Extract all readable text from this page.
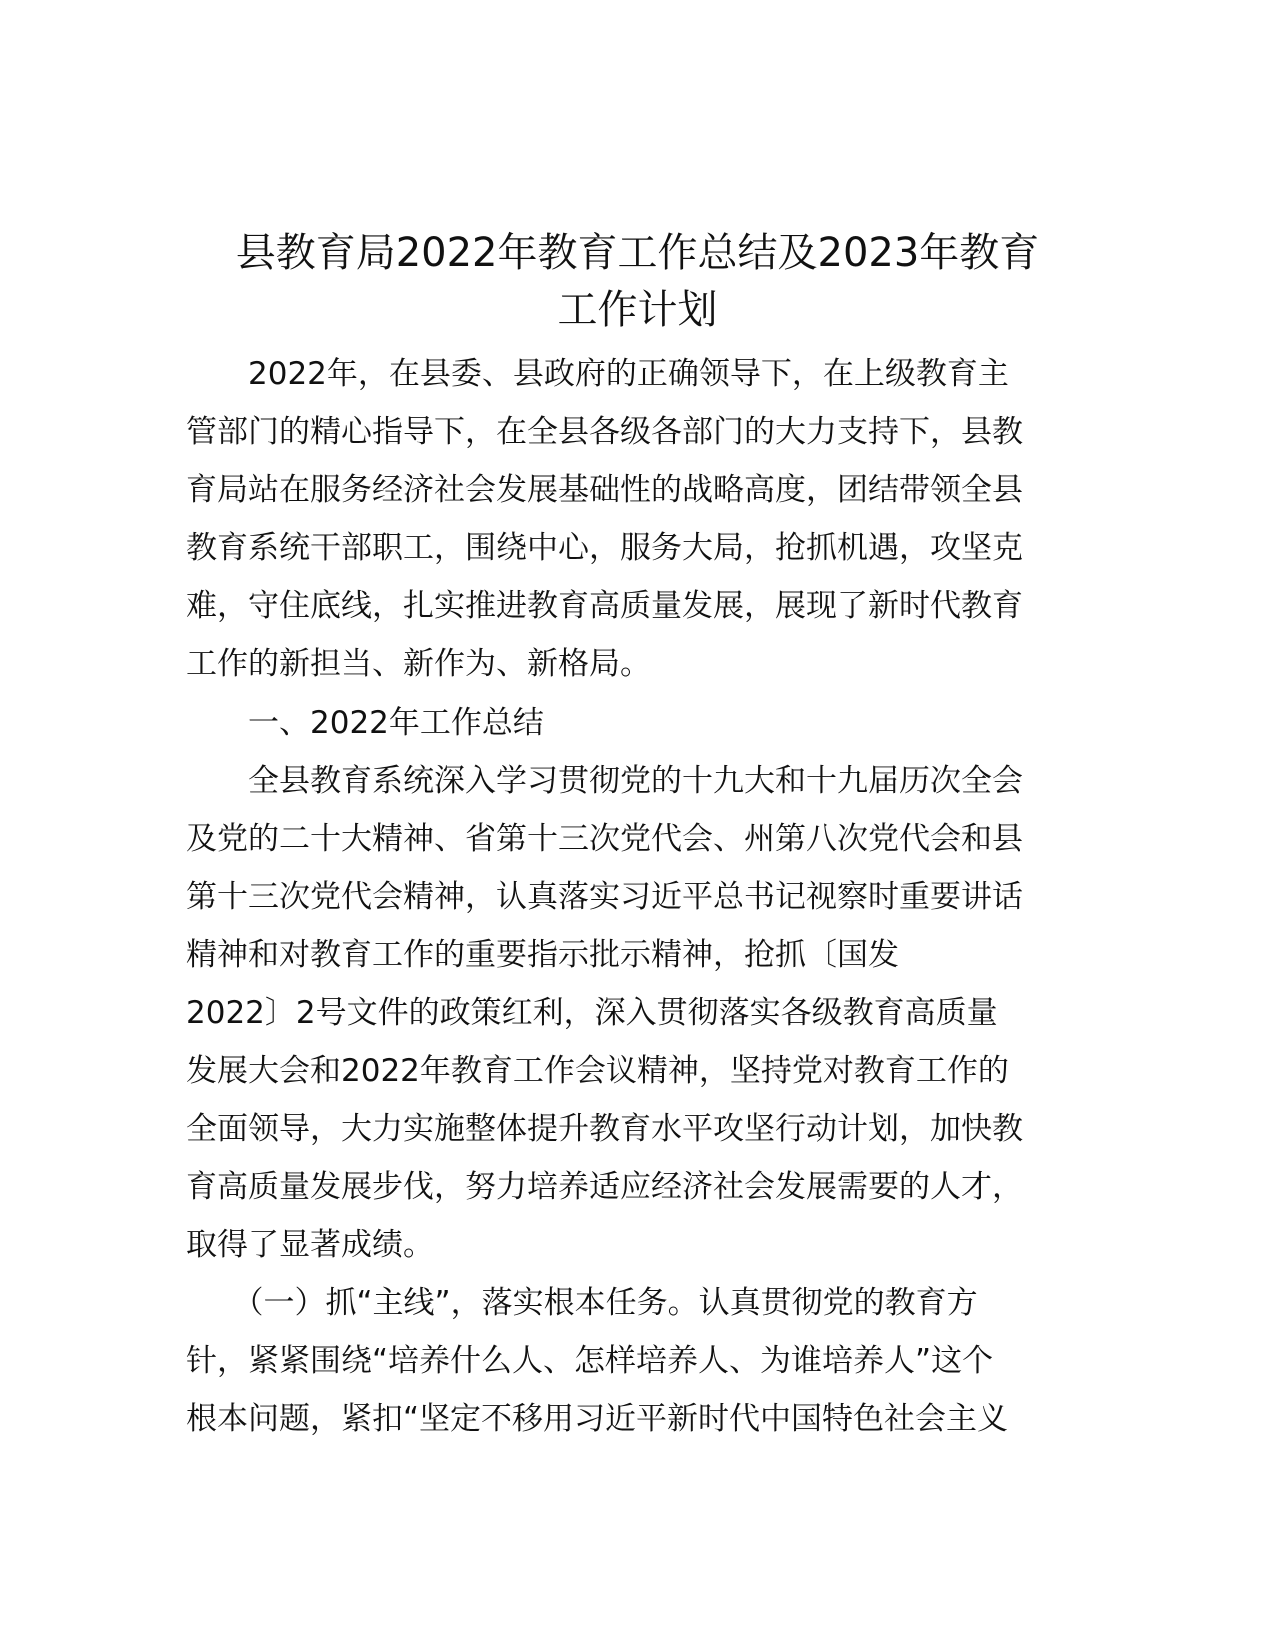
县教育局2022年教育工作总结及2023年教育
工作计划

　　2022年，在县委、县政府的正确领导下，在上级教育主

管部门的精心指导下，在全县各级各部门的大力支持下，县教

育局站在服务经济社会发展基础性的战略高度，团结带领全县

教育系统干部职工，围绕中心，服务大局，抢抓机遇，攻坚克

难，守住底线，扎实推进教育高质量发展，展现了新时代教育

工作的新担当、新作为、新格局。

　　一、2022年工作总结

　　全县教育系统深入学习贯彻党的十九大和十九届历次全会

及党的二十大精神、省第十三次党代会、州第八次党代会和县

第十三次党代会精神，认真落实习近平总书记视察时重要讲话

精神和对教育工作的重要指示批示精神，抢抓〔国发

2022〕2号文件的政策红利，深入贯彻落实各级教育高质量

发展大会和2022年教育工作会议精神，坚持党对教育工作的

全面领导，大力实施整体提升教育水平攻坚行动计划，加快教

育高质量发展步伐，努力培养适应经济社会发展需要的人才，

取得了显著成绩。

　　（一）抓“主线”，落实根本任务。认真贯彻党的教育方

针，紧紧围绕“培养什么人、怎样培养人、为谁培养人”这个

根本问题，紧扣“坚定不移用习近平新时代中国特色社会主义
